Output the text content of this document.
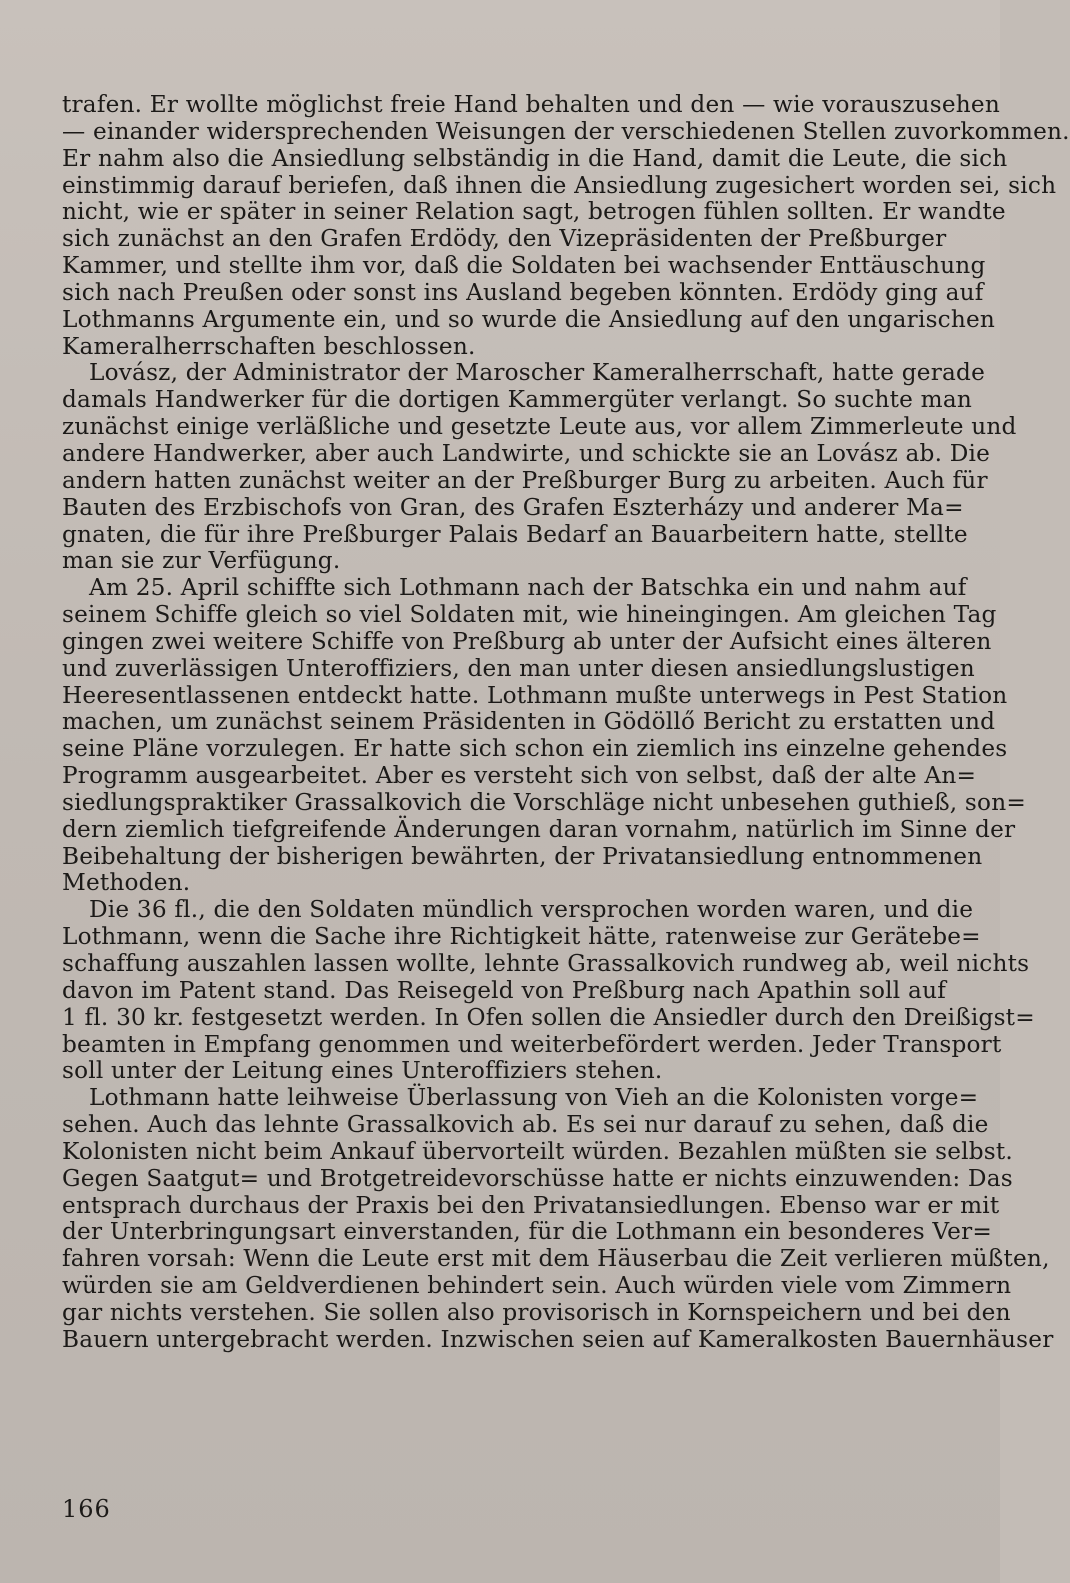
trafen. Er wollte möglichst freie Hand behalten und den — wie vorauszusehen
— einander widersprechenden Weisungen der verschiedenen Stellen zuvorkommen.
Er nahm also die Ansiedlung selbständig in die Hand, damit die Leute, die sich
einstimmig darauf beriefen, daß ihnen die Ansiedlung zugesichert worden sei, sich
nicht, wie er später in seiner Relation sagt, betrogen fühlen sollten. Er wandte
sich zunächst an den Grafen Erdödy, den Vizepräsidenten der Preßburger
Kammer, und stellte ihm vor, daß die Soldaten bei wachsender Enttäuschung
sich nach Preußen oder sonst ins Ausland begeben könnten. Erdödy ging auf
Lothmanns Argumente ein, und so wurde die Ansiedlung auf den ungarischen
Kameralherrschaften beschlossen.
Lovász, der Administrator der Maroscher Kameralherrschaft, hatte gerade
damals Handwerker für die dortigen Kammergüter verlangt. So suchte man
zunächst einige verläßliche und gesetzte Leute aus, vor allem Zimmerleute und
andere Handwerker, aber auch Landwirte, und schickte sie an Lovász ab. Die
andern hatten zunächst weiter an der Preßburger Burg zu arbeiten. Auch für
Bauten des Erzbischofs von Gran, des Grafen Eszterházy und anderer Ma=
gnaten, die für ihre Preßburger Palais Bedarf an Bauarbeitern hatte, stellte
man sie zur Verfügung.
Am 25. April schiffte sich Lothmann nach der Batschka ein und nahm auf
seinem Schiffe gleich so viel Soldaten mit, wie hineingingen. Am gleichen Tag
gingen zwei weitere Schiffe von Preßburg ab unter der Aufsicht eines älteren
und zuverlässigen Unteroffiziers, den man unter diesen ansiedlungslustigen
Heeresentlassenen entdeckt hatte. Lothmann mußte unterwegs in Pest Station
machen, um zunächst seinem Präsidenten in Gödöllő Bericht zu erstatten und
seine Pläne vorzulegen. Er hatte sich schon ein ziemlich ins einzelne gehendes
Programm ausgearbeitet. Aber es versteht sich von selbst, daß der alte An=
siedlungspraktiker Grassalkovich die Vorschläge nicht unbesehen guthieß, son=
dern ziemlich tiefgreifende Änderungen daran vornahm, natürlich im Sinne der
Beibehaltung der bisherigen bewährten, der Privatansiedlung entnommenen
Methoden.
Die 36 fl., die den Soldaten mündlich versprochen worden waren, und die
Lothmann, wenn die Sache ihre Richtigkeit hätte, ratenweise zur Gerätebe=
schaffung auszahlen lassen wollte, lehnte Grassalkovich rundweg ab, weil nichts
davon im Patent stand. Das Reisegeld von Preßburg nach Apathin soll auf
1 fl. 30 kr. festgesetzt werden. In Ofen sollen die Ansiedler durch den Dreißigst=
beamten in Empfang genommen und weiterbefördert werden. Jeder Transport
soll unter der Leitung eines Unteroffiziers stehen.
Lothmann hatte leihweise Überlassung von Vieh an die Kolonisten vorge=
sehen. Auch das lehnte Grassalkovich ab. Es sei nur darauf zu sehen, daß die
Kolonisten nicht beim Ankauf übervorteilt würden. Bezahlen müßten sie selbst.
Gegen Saatgut= und Brotgetreidevorschüsse hatte er nichts einzuwenden: Das
entsprach durchaus der Praxis bei den Privatansiedlungen. Ebenso war er mit
der Unterbringungsart einverstanden, für die Lothmann ein besonderes Ver=
fahren vorsah: Wenn die Leute erst mit dem Häuserbau die Zeit verlieren müßten,
würden sie am Geldverdienen behindert sein. Auch würden viele vom Zimmern
gar nichts verstehen. Sie sollen also provisorisch in Kornspeichern und bei den
Bauern untergebracht werden. Inzwischen seien auf Kameralkosten Bauernhäuser
166
